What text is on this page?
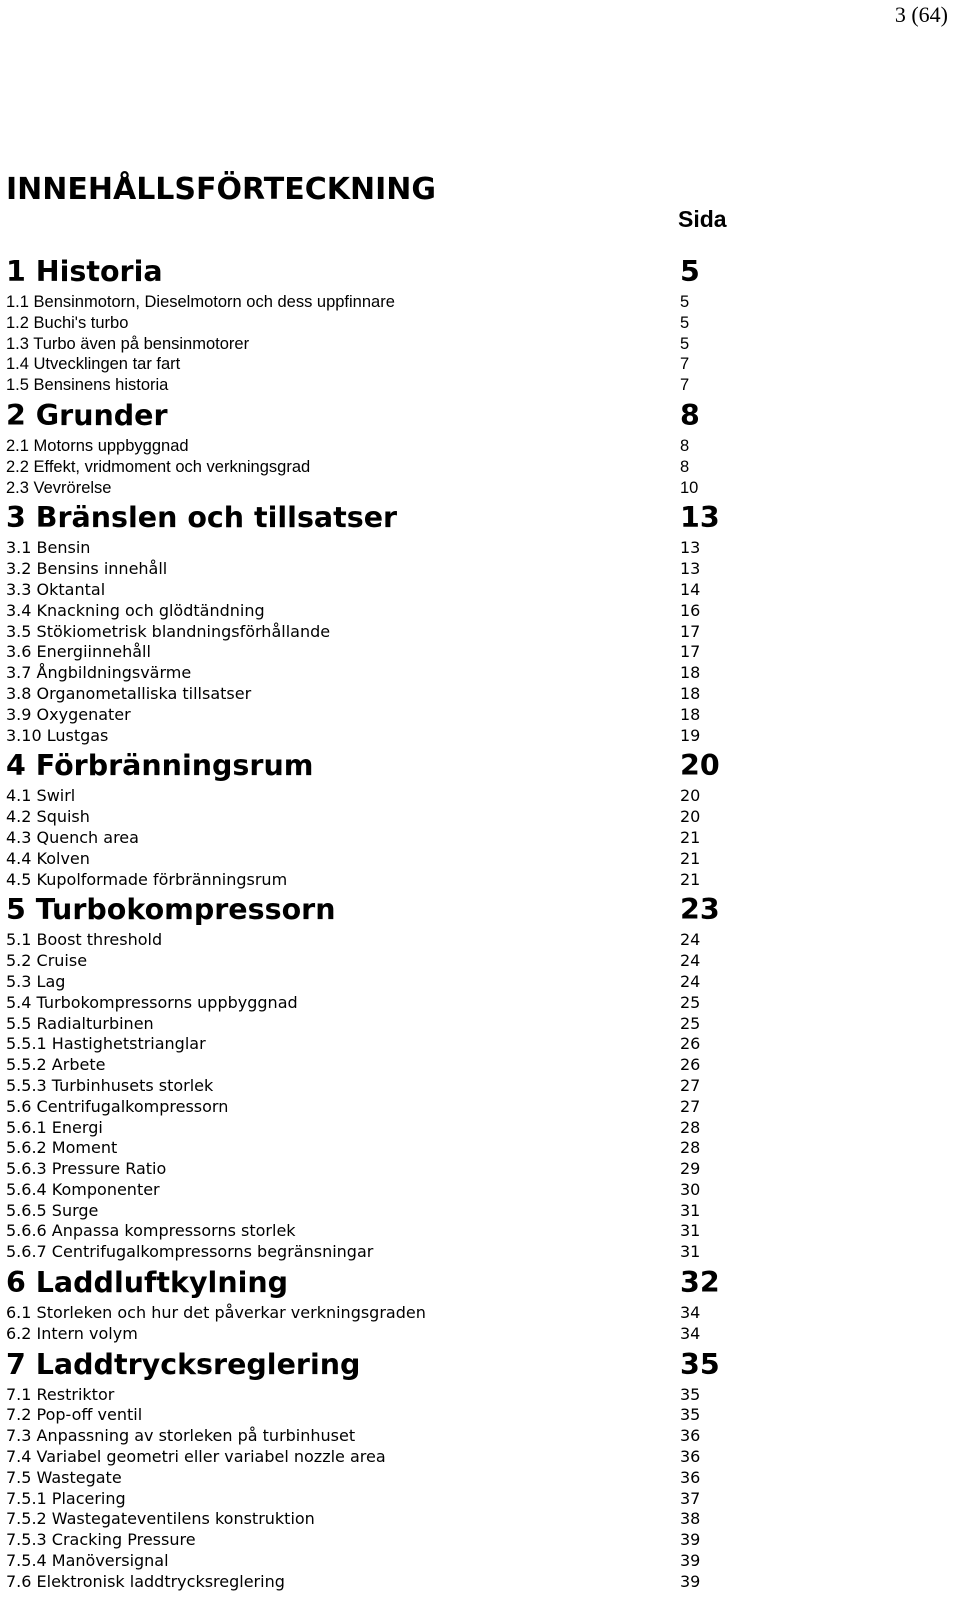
3 (64)
INNEHÅLLSFÖRTECKNING
Sida
1 Historia	5
1.1 Bensinmotorn, Dieselmotorn och dess uppfinnare	5
1.2 Buchi's turbo	5
1.3 Turbo även på bensinmotorer	5
1.4 Utvecklingen tar fart	7
1.5 Bensinens historia	7
2 Grunder	8
2.1 Motorns uppbyggnad	8
2.2 Effekt, vridmoment och verkningsgrad	8
2.3 Vevrörelse	10
3 Bränslen och tillsatser	13
3.1 Bensin	13
3.2 Bensins innehåll	13
3.3 Oktantal	14
3.4 Knackning och glödtändning	16
3.5 Stökiometrisk blandningsförhållande	17
3.6 Energiinnehåll	17
3.7 Ångbildningsvärme	18
3.8 Organometalliska tillsatser	18
3.9 Oxygenater	18
3.10 Lustgas	19
4 Förbränningsrum	20
4.1 Swirl	20
4.2 Squish	20
4.3 Quench area	21
4.4 Kolven	21
4.5 Kupolformade förbränningsrum	21
5 Turbokompressorn	23
5.1 Boost threshold	24
5.2 Cruise	24
5.3 Lag	24
5.4 Turbokompressorns uppbyggnad	25
5.5 Radialturbinen	25
5.5.1 Hastighetstrianglar	26
5.5.2 Arbete	26
5.5.3 Turbinhusets storlek	27
5.6 Centrifugalkompressorn	27
5.6.1 Energi	28
5.6.2 Moment	28
5.6.3 Pressure Ratio	29
5.6.4 Komponenter	30
5.6.5 Surge	31
5.6.6 Anpassa kompressorns storlek	31
5.6.7 Centrifugalkompressorns begränsningar	31
6 Laddluftkylning	32
6.1 Storleken och hur det påverkar verkningsgraden	34
6.2 Intern volym	34
7 Laddtrycksreglering	35
7.1 Restriktor	35
7.2 Pop-off ventil	35
7.3 Anpassning av storleken på turbinhuset	36
7.4 Variabel geometri eller variabel nozzle area	36
7.5 Wastegate	36
7.5.1 Placering	37
7.5.2 Wastegateventilens konstruktion	38
7.5.3 Cracking Pressure	39
7.5.4 Manöversignal	39
7.6 Elektronisk laddtrycksreglering	39
